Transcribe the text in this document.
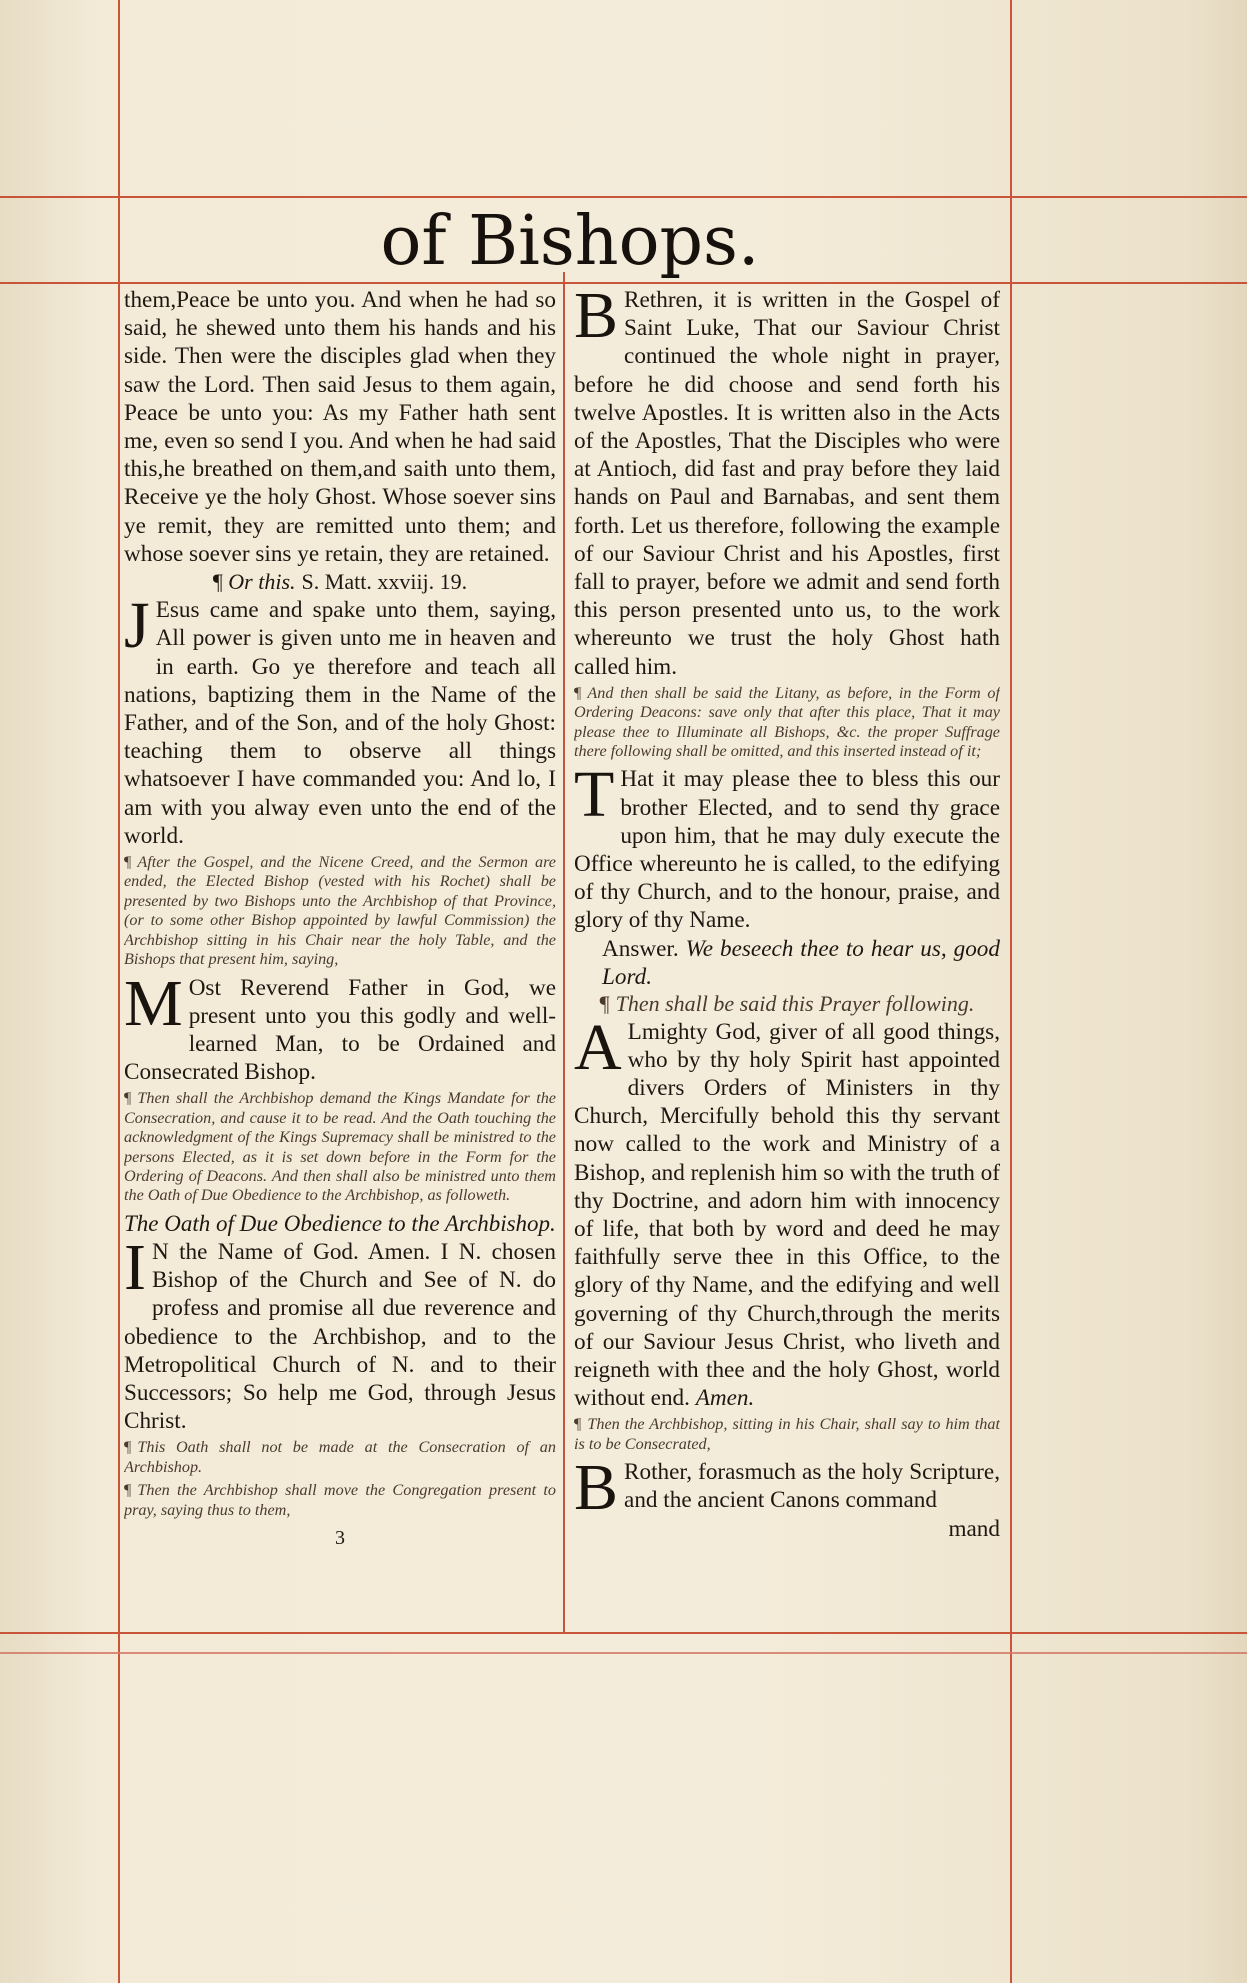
of Bishops.

them,Peace be unto you. And when he had so said, he shewed unto them his hands and his side. Then were the disciples glad when they saw the Lord. Then said Jesus to them again, Peace be unto you: As my Father hath sent me, even so send I you. And when he had said this,he breathed on them,and saith unto them, Receive ye the holy Ghost. Whose soever sins ye remit, they are remitted unto them; and whose soever sins ye retain, they are retained.

¶ Or this. S. Matt. xxviij. 19.

J Esus came and spake unto them, saying, All power is given unto me in heaven and in earth. Go ye therefore and teach all nations, baptizing them in the Name of the Father, and of the Son, and of the holy Ghost: teaching them to observe all things whatsoever I have commanded you: And lo, I am with you alway even unto the end of the world.

¶ After the Gospel, and the Nicene Creed, and the Sermon are ended, the Elected Bishop (vested with his Rochet) shall be presented by two Bishops unto the Archbishop of that Province, (or to some other Bishop appointed by lawful Commission) the Archbishop sitting in his Chair near the holy Table, and the Bishops that present him, saying,

M Ost Reverend Father in God, we present unto you this godly and well-learned Man, to be Ordained and Consecrated Bishop.

¶ Then shall the Archbishop demand the Kings Mandate for the Consecration, and cause it to be read. And the Oath touching the acknowledgment of the Kings Supremacy shall be ministred to the persons Elected, as it is set down before in the Form for the Ordering of Deacons. And then shall also be ministred unto them the Oath of Due Obedience to the Archbishop, as followeth.

The Oath of Due Obedience to the Archbishop.

I N the Name of God. Amen. I N. chosen Bishop of the Church and See of N. do profess and promise all due reverence and obedience to the Archbishop, and to the Metropolitical Church of N. and to their Successors; So help me God, through Jesus Christ.

¶ This Oath shall not be made at the Consecration of an Archbishop.

¶ Then the Archbishop shall move the Congregation present to pray, saying thus to them,

3

B Rethren, it is written in the Gospel of Saint Luke, That our Saviour Christ continued the whole night in prayer, before he did choose and send forth his twelve Apostles. It is written also in the Acts of the Apostles, That the Disciples who were at Antioch, did fast and pray before they laid hands on Paul and Barnabas, and sent them forth. Let us therefore, following the example of our Saviour Christ and his Apostles, first fall to prayer, before we admit and send forth this person presented unto us, to the work whereunto we trust the holy Ghost hath called him.

¶ And then shall be said the Litany, as before, in the Form of Ordering Deacons: save only that after this place, That it may please thee to Illuminate all Bishops, &c. the proper Suffrage there following shall be omitted, and this inserted instead of it;

T Hat it may please thee to bless this our brother Elected, and to send thy grace upon him, that he may duly execute the Office whereunto he is called, to the edifying of thy Church, and to the honour, praise, and glory of thy Name.

Answer. We beseech thee to hear us, good Lord.

¶ Then shall be said this Prayer following.

A Lmighty God, giver of all good things, who by thy holy Spirit hast appointed divers Orders of Ministers in thy Church, Mercifully behold this thy servant now called to the work and Ministry of a Bishop, and replenish him so with the truth of thy Doctrine, and adorn him with innocency of life, that both by word and deed he may faithfully serve thee in this Office, to the glory of thy Name, and the edifying and well governing of thy Church,through the merits of our Saviour Jesus Christ, who liveth and reigneth with thee and the holy Ghost, world without end. Amen.

¶ Then the Archbishop, sitting in his Chair, shall say to him that is to be Consecrated,

B Rother, forasmuch as the holy Scripture, and the ancient Canons command

mand
